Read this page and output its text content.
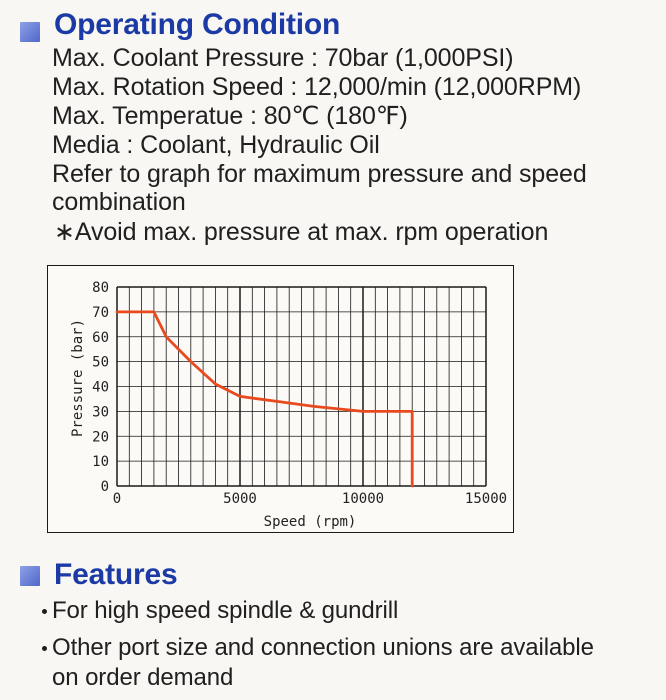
Operating Condition

Max. Coolant Pressure : 70bar (1,000PSI)

Max. Rotation Speed : 12,000/min (12,000RPM)

Max. Temperatue : 80℃ (180℉)

Media : Coolant, Hydraulic Oil

Refer to graph for maximum pressure and speed

combination

∗Avoid max. pressure at max. rpm operation

0
10
20
30
40
50
60
70
80
0	5000	10000	15000
Speed (rpm)
Pressure (bar)
Features

For high speed spindle & gundrill

Other port size and connection unions are available

on order demand
